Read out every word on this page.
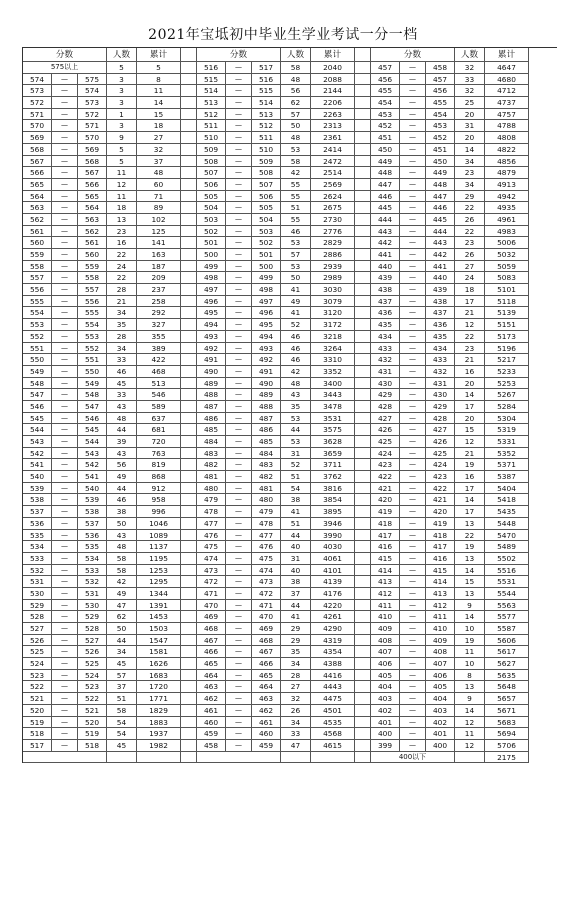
2021年宝坻初中毕业生学业考试一分一档
分数	人数	累计	分数	人数	累计	分数	人数	累计
575以上	5	5	516	—	517	58	2040	457	—	458	32	4647
574	—	575	3	8	515	—	516	48	2088	456	—	457	33	4680
573	—	574	3	11	514	—	515	56	2144	455	—	456	32	4712
572	—	573	3	14	513	—	514	62	2206	454	—	455	25	4737
571	—	572	1	15	512	—	513	57	2263	453	—	454	20	4757
570	—	571	3	18	511	—	512	50	2313	452	—	453	31	4788
569	—	570	9	27	510	—	511	48	2361	451	—	452	20	4808
568	—	569	5	32	509	—	510	53	2414	450	—	451	14	4822
567	—	568	5	37	508	—	509	58	2472	449	—	450	34	4856
566	—	567	11	48	507	—	508	42	2514	448	—	449	23	4879
565	—	566	12	60	506	—	507	55	2569	447	—	448	34	4913
564	—	565	11	71	505	—	506	55	2624	446	—	447	29	4942
563	—	564	18	89	504	—	505	51	2675	445	—	446	22	4935
562	—	563	13	102	503	—	504	55	2730	444	—	445	26	4961
561	—	562	23	125	502	—	503	46	2776	443	—	444	22	4983
560	—	561	16	141	501	—	502	53	2829	442	—	443	23	5006
559	—	560	22	163	500	—	501	57	2886	441	—	442	26	5032
558	—	559	24	187	499	—	500	53	2939	440	—	441	27	5059
557	—	558	22	209	498	—	499	50	2989	439	—	440	24	5083
556	—	557	28	237	497	—	498	41	3030	438	—	439	18	5101
555	—	556	21	258	496	—	497	49	3079	437	—	438	17	5118
554	—	555	34	292	495	—	496	41	3120	436	—	437	21	5139
553	—	554	35	327	494	—	495	52	3172	435	—	436	12	5151
552	—	553	28	355	493	—	494	46	3218	434	—	435	22	5173
551	—	552	34	389	492	—	493	46	3264	433	—	434	23	5196
550	—	551	33	422	491	—	492	46	3310	432	—	433	21	5217
549	—	550	46	468	490	—	491	42	3352	431	—	432	16	5233
548	—	549	45	513	489	—	490	48	3400	430	—	431	20	5253
547	—	548	33	546	488	—	489	43	3443	429	—	430	14	5267
546	—	547	43	589	487	—	488	35	3478	428	—	429	17	5284
545	—	546	48	637	486	—	487	53	3531	427	—	428	20	5304
544	—	545	44	681	485	—	486	44	3575	426	—	427	15	5319
543	—	544	39	720	484	—	485	53	3628	425	—	426	12	5331
542	—	543	43	763	483	—	484	31	3659	424	—	425	21	5352
541	—	542	56	819	482	—	483	52	3711	423	—	424	19	5371
540	—	541	49	868	481	—	482	51	3762	422	—	423	16	5387
539	—	540	44	912	480	—	481	54	3816	421	—	422	17	5404
538	—	539	46	958	479	—	480	38	3854	420	—	421	14	5418
537	—	538	38	996	478	—	479	41	3895	419	—	420	17	5435
536	—	537	50	1046	477	—	478	51	3946	418	—	419	13	5448
535	—	536	43	1089	476	—	477	44	3990	417	—	418	22	5470
534	—	535	48	1137	475	—	476	40	4030	416	—	417	19	5489
533	—	534	58	1195	474	—	475	31	4061	415	—	416	13	5502
532	—	533	58	1253	473	—	474	40	4101	414	—	415	14	5516
531	—	532	42	1295	472	—	473	38	4139	413	—	414	15	5531
530	—	531	49	1344	471	—	472	37	4176	412	—	413	13	5544
529	—	530	47	1391	470	—	471	44	4220	411	—	412	9	5563
528	—	529	62	1453	469	—	470	41	4261	410	—	411	14	5577
527	—	528	50	1503	468	—	469	29	4290	409	—	410	10	5587
526	—	527	44	1547	467	—	468	29	4319	408	—	409	19	5606
525	—	526	34	1581	466	—	467	35	4354	407	—	408	11	5617
524	—	525	45	1626	465	—	466	34	4388	406	—	407	10	5627
523	—	524	57	1683	464	—	465	28	4416	405	—	406	8	5635
522	—	523	37	1720	463	—	464	27	4443	404	—	405	13	5648
521	—	522	51	1771	462	—	463	32	4475	403	—	404	9	5657
520	—	521	58	1829	461	—	462	26	4501	402	—	403	14	5671
519	—	520	54	1883	460	—	461	34	4535	401	—	402	12	5683
518	—	519	54	1937	459	—	460	33	4568	400	—	401	11	5694
517	—	518	45	1982	458	—	459	47	4615	399	—	400	12	5706
400以下	2175
